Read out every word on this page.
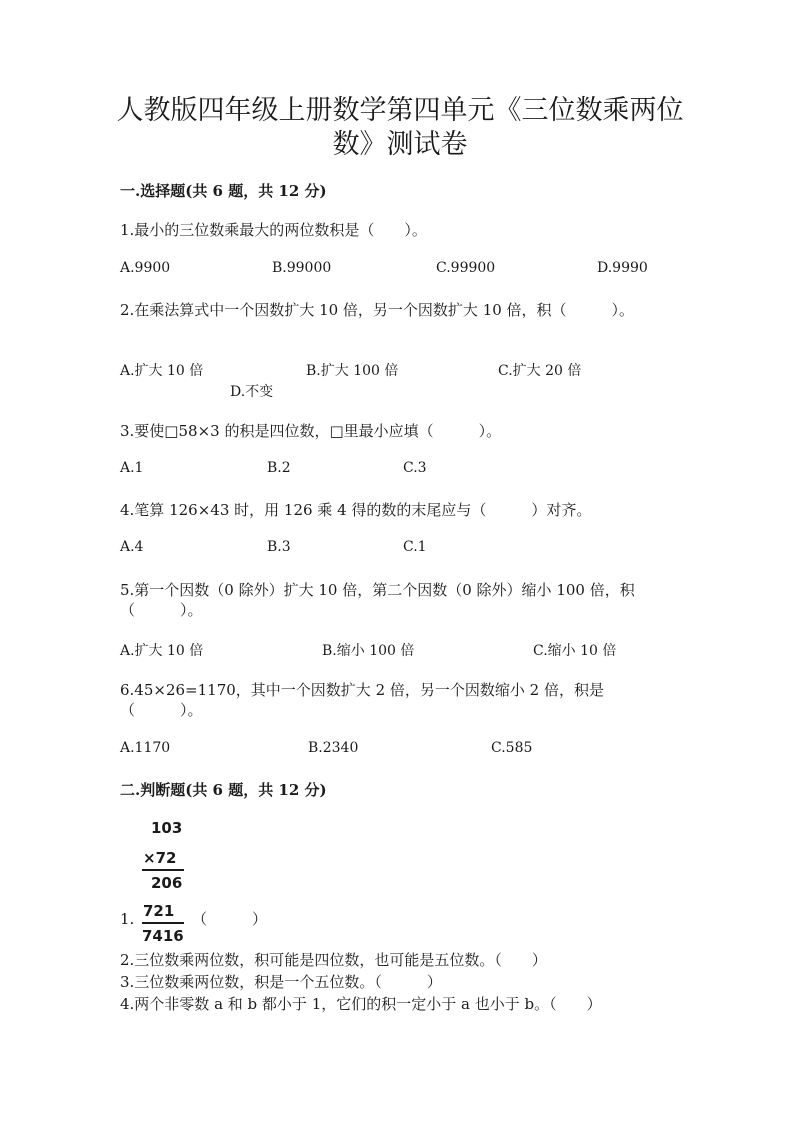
人教版四年级上册数学第四单元《三位数乘两位
数》测试卷
一.选择题(共 6 题，共 12 分)
1.最小的三位数乘最大的两位数积是（　　）。
A.9900	B.99000	C.99900	D.9990
2.在乘法算式中一个因数扩大 10 倍，另一个因数扩大 10 倍，积（　　　）。
A.扩大 10 倍	B.扩大 100 倍	C.扩大 20 倍
D.不变
3.要使□58×3 的积是四位数，□里最小应填（　　　）。
A.1	B.2	C.3
4.笔算 126×43 时，用 126 乘 4 得的数的末尾应与（　　　）对齐。
A.4	B.3	C.1
5.第一个因数（0 除外）扩大 10 倍，第二个因数（0 除外）缩小 100 倍，积
（　　　）。
A.扩大 10 倍	B.缩小 100 倍	C.缩小 10 倍
6.45×26=1170，其中一个因数扩大 2 倍，另一个因数缩小 2 倍，积是
（　　　）。
A.1170	B.2340	C.585
二.判断题(共 6 题，共 12 分)
103
×72
206
721
7416
1.	（　　　）
2.三位数乘两位数，积可能是四位数，也可能是五位数。（　　）
3.三位数乘两位数，积是一个五位数。（　　　）
4.两个非零数 a 和 b 都小于 1，它们的积一定小于 a 也小于 b。（　　）
